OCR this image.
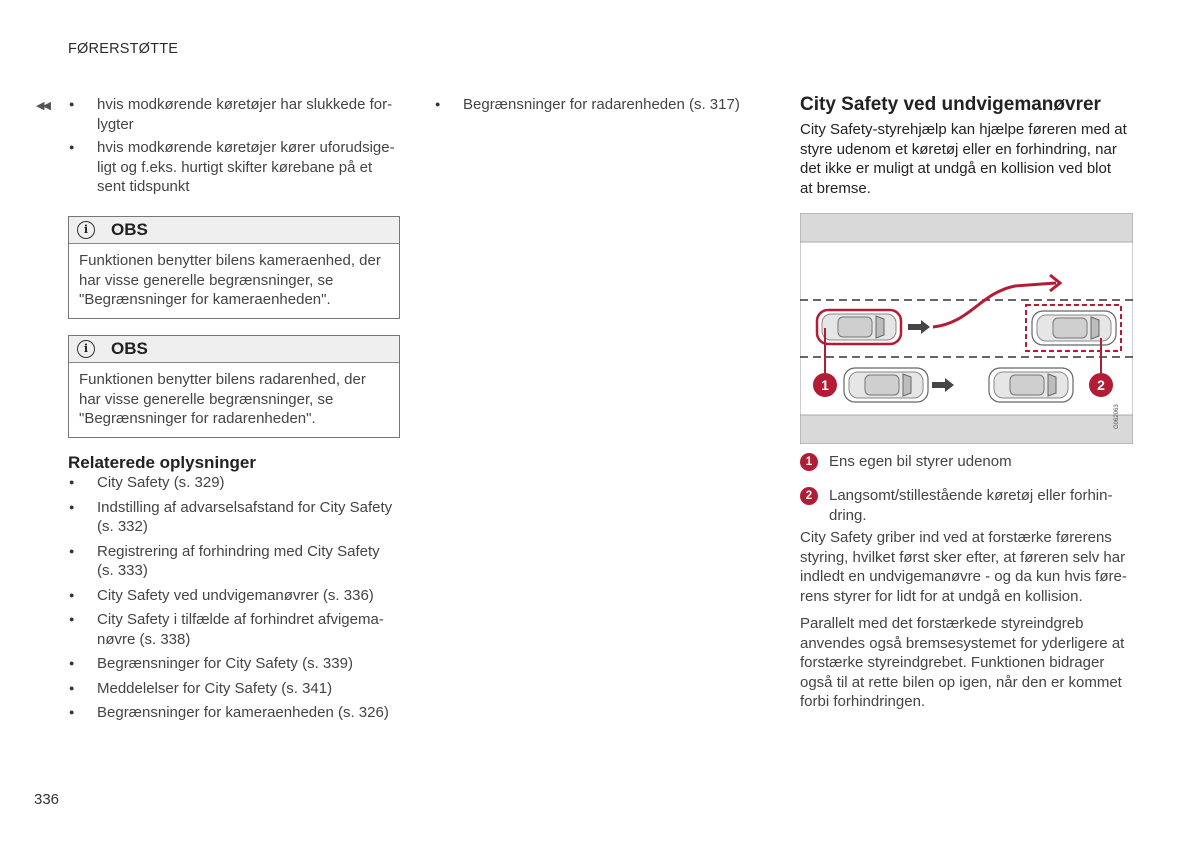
FØRERSTØTTE
◀◀	● hvis modkørende køretøjer har slukkede for-
lygter
● hvis modkørende køretøjer kører uforudsige-
ligt og f.eks. hurtigt skifter kørebane på et
sent tidspunkt
i	OBS
Funktionen benytter bilens kameraenhed, der
har visse generelle begrænsninger, se
"Begrænsninger for kameraenheden".
i	OBS
Funktionen benytter bilens radarenhed, der
har visse generelle begrænsninger, se
"Begrænsninger for radarenheden".
Relaterede oplysninger
● City Safety (s. 329)
● Indstilling af advarselsafstand for City Safety
(s. 332)
● Registrering af forhindring med City Safety
(s. 333)
● City Safety ved undvigemanøvrer (s. 336)
● City Safety i tilfælde af forhindret afvigema-
nøvre (s. 338)
● Begrænsninger for City Safety (s. 339)
● Meddelelser for City Safety (s. 341)
● Begrænsninger for kameraenheden (s. 326)
● Begrænsninger for radarenheden (s. 317)	City Safety ved undvigemanøvrer
City Safety-styrehjælp kan hjælpe føreren med at
styre udenom et køretøj eller en forhindring, nar
det ikke er muligt at undgå en kollision ved blot
at bremse.
1	2
G062063
1	Ens egen bil styrer udenom
2	Langsomt/stillestående køretøj eller forhin-
dring.
City Safety griber ind ved at forstærke førerens
styring, hvilket først sker efter, at føreren selv har
indledt en undvigemanøvre - og da kun hvis føre-
rens styrer for lidt for at undgå en kollision.
Parallelt med det forstærkede styreindgreb
anvendes også bremsesystemet for yderligere at
forstærke styreindgrebet. Funktionen bidrager
også til at rette bilen op igen, når den er kommet
forbi forhindringen.
336
